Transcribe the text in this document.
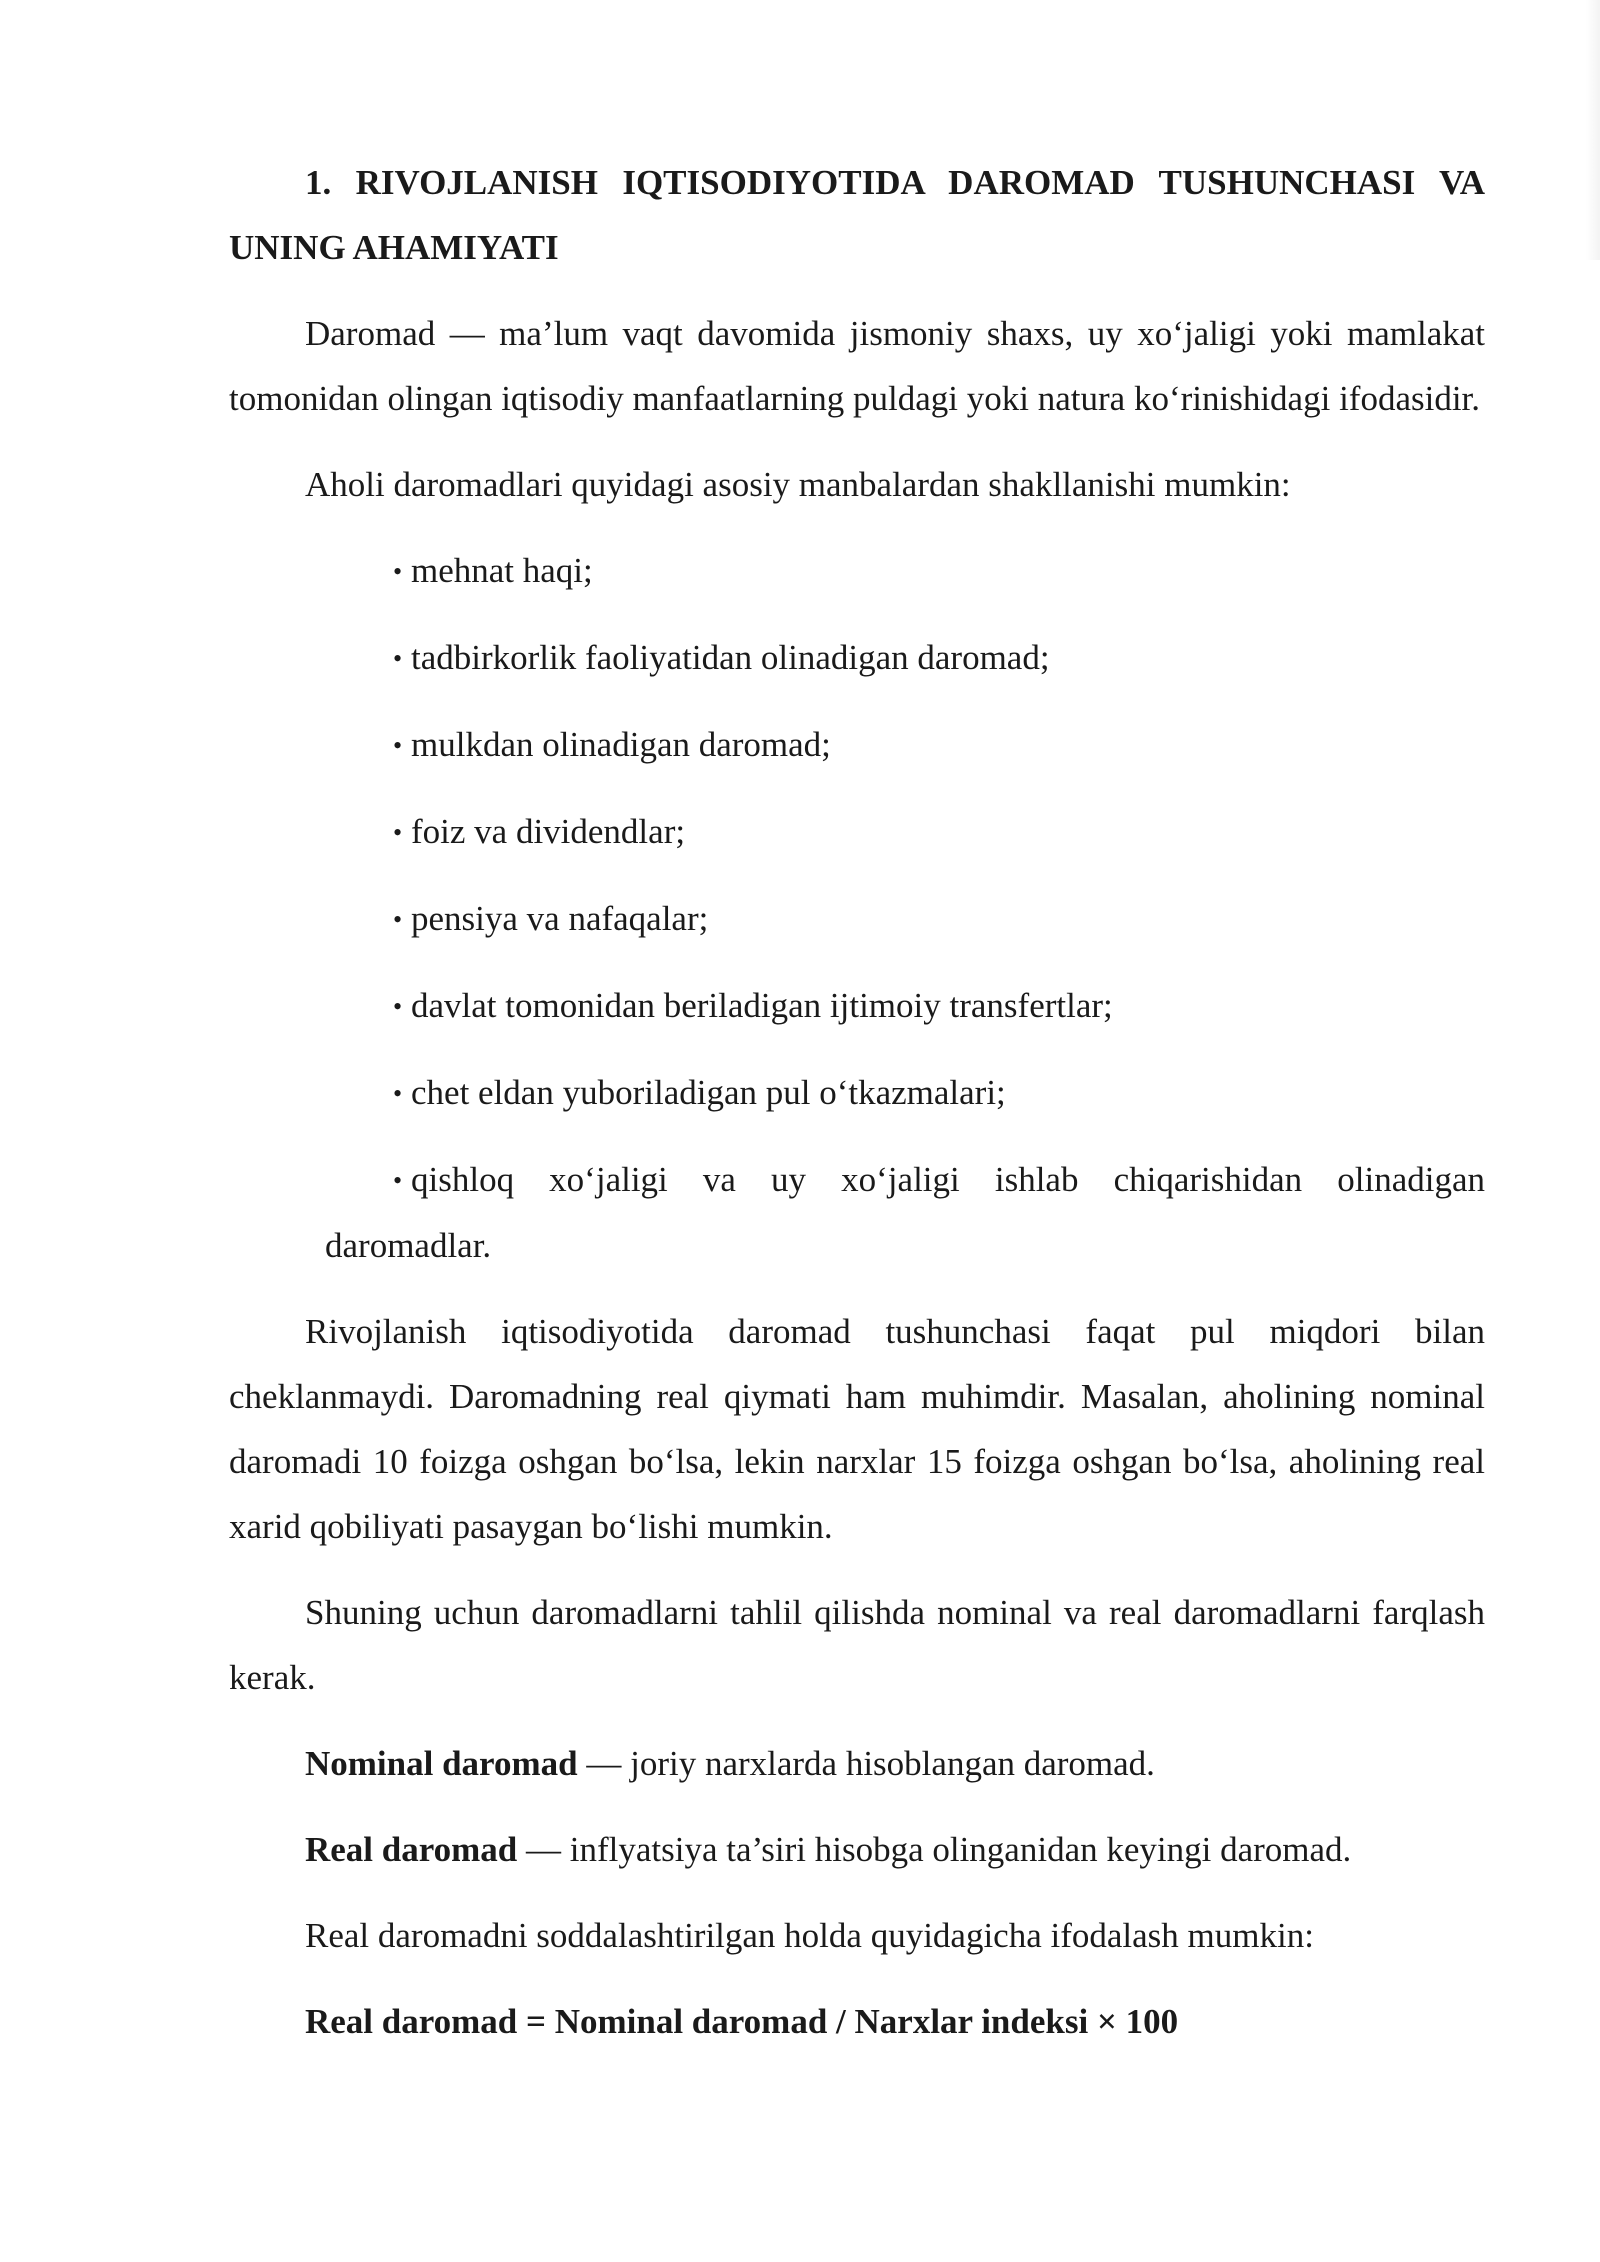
1. RIVOJLANISH IQTISODIYOTIDA DAROMAD TUSHUNCHASI VA UNING AHAMIYATI

Daromad — ma’lum vaqt davomida jismoniy shaxs, uy xo‘jaligi yoki mamlakat tomonidan olingan iqtisodiy manfaatlarning puldagi yoki natura ko‘rinishidagi ifodasidir.

Aholi daromadlari quyidagi asosiy manbalardan shakllanishi mumkin:

• mehnat haqi;
• tadbirkorlik faoliyatidan olinadigan daromad;
• mulkdan olinadigan daromad;
• foiz va dividendlar;
• pensiya va nafaqalar;
• davlat tomonidan beriladigan ijtimoiy transfertlar;
• chet eldan yuboriladigan pul o‘tkazmalari;
• qishloq xo‘jaligi va uy xo‘jaligi ishlab chiqarishidan olinadigan
daromadlar.

Rivojlanish iqtisodiyotida daromad tushunchasi faqat pul miqdori bilan cheklanmaydi. Daromadning real qiymati ham muhimdir. Masalan, aholining nominal daromadi 10 foizga oshgan bo‘lsa, lekin narxlar 15 foizga oshgan bo‘lsa, aholining real xarid qobiliyati pasaygan bo‘lishi mumkin.

Shuning uchun daromadlarni tahlil qilishda nominal va real daromadlarni farqlash kerak.

Nominal daromad — joriy narxlarda hisoblangan daromad.

Real daromad — inflyatsiya ta’siri hisobga olinganidan keyingi daromad.

Real daromadni soddalashtirilgan holda quyidagicha ifodalash mumkin:

Real daromad = Nominal daromad / Narxlar indeksi × 100
